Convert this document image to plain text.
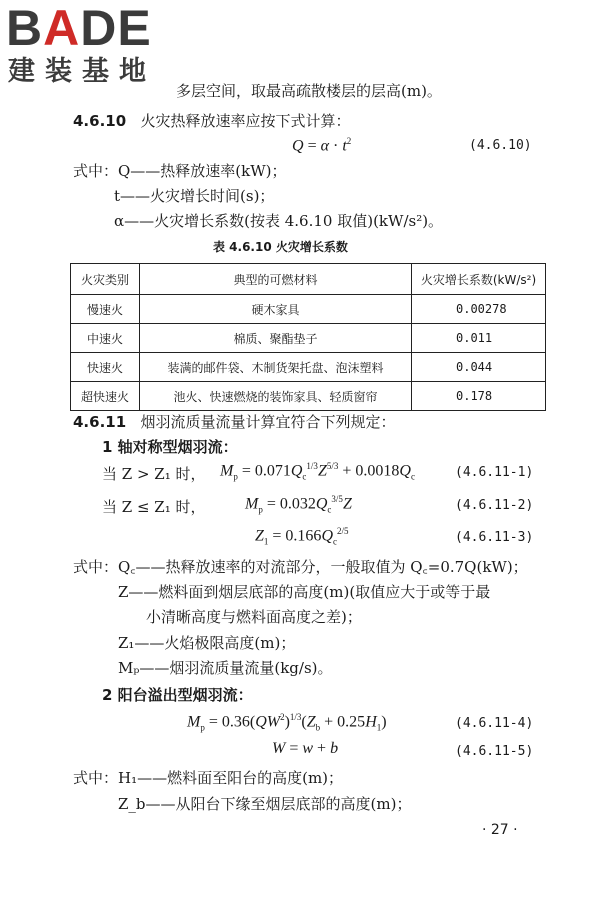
BADE
建装基地
多层空间，取最高疏散楼层的层高(m)。
4.6.10 火灾热释放速率应按下式计算：
$Q = \alpha \cdot t^2$	(4.6.10)
式中：Q——热释放速率(kW)；
t——火灾增长时间(s)；
α——火灾增长系数(按表 4.6.10 取值)(kW/s²)。
表 4.6.10 火灾增长系数
火灾类别	典型的可燃材料	火灾增长系数(kW/s²)
慢速火	硬木家具	0.00278
中速火	棉质、聚酯垫子	0.011
快速火	装满的邮件袋、木制货架托盘、泡沫塑料	0.044
超快速火	池火、快速燃烧的装饰家具、轻质窗帘	0.178
4.6.11 烟羽流质量流量计算宜符合下列规定：
1 轴对称型烟羽流：
当 Z > Z₁ 时， $M_p = 0.071Q_c^{1/3}Z^{5/3} + 0.0018Q_c$	(4.6.11-1)
当 Z ≤ Z₁ 时， $M_p = 0.032Q_c^{3/5}Z$	(4.6.11-2)
$Z_1 = 0.166Q_c^{2/5}$	(4.6.11-3)
式中：Q꜀——热释放速率的对流部分，一般取值为 Q꜀=0.7Q(kW)；
Z——燃料面到烟层底部的高度(m)(取值应大于或等于最
小清晰高度与燃料面高度之差)；
Z₁——火焰极限高度(m)；
Mₚ——烟羽流质量流量(kg/s)。
2 阳台溢出型烟羽流：
$M_p = 0.36(QW^2)^{1/3}(Z_b + 0.25H_1)$	(4.6.11-4)
W = w + b	(4.6.11-5)
式中：H₁——燃料面至阳台的高度(m)；
Z_b——从阳台下缘至烟层底部的高度(m)；
· 27 ·
